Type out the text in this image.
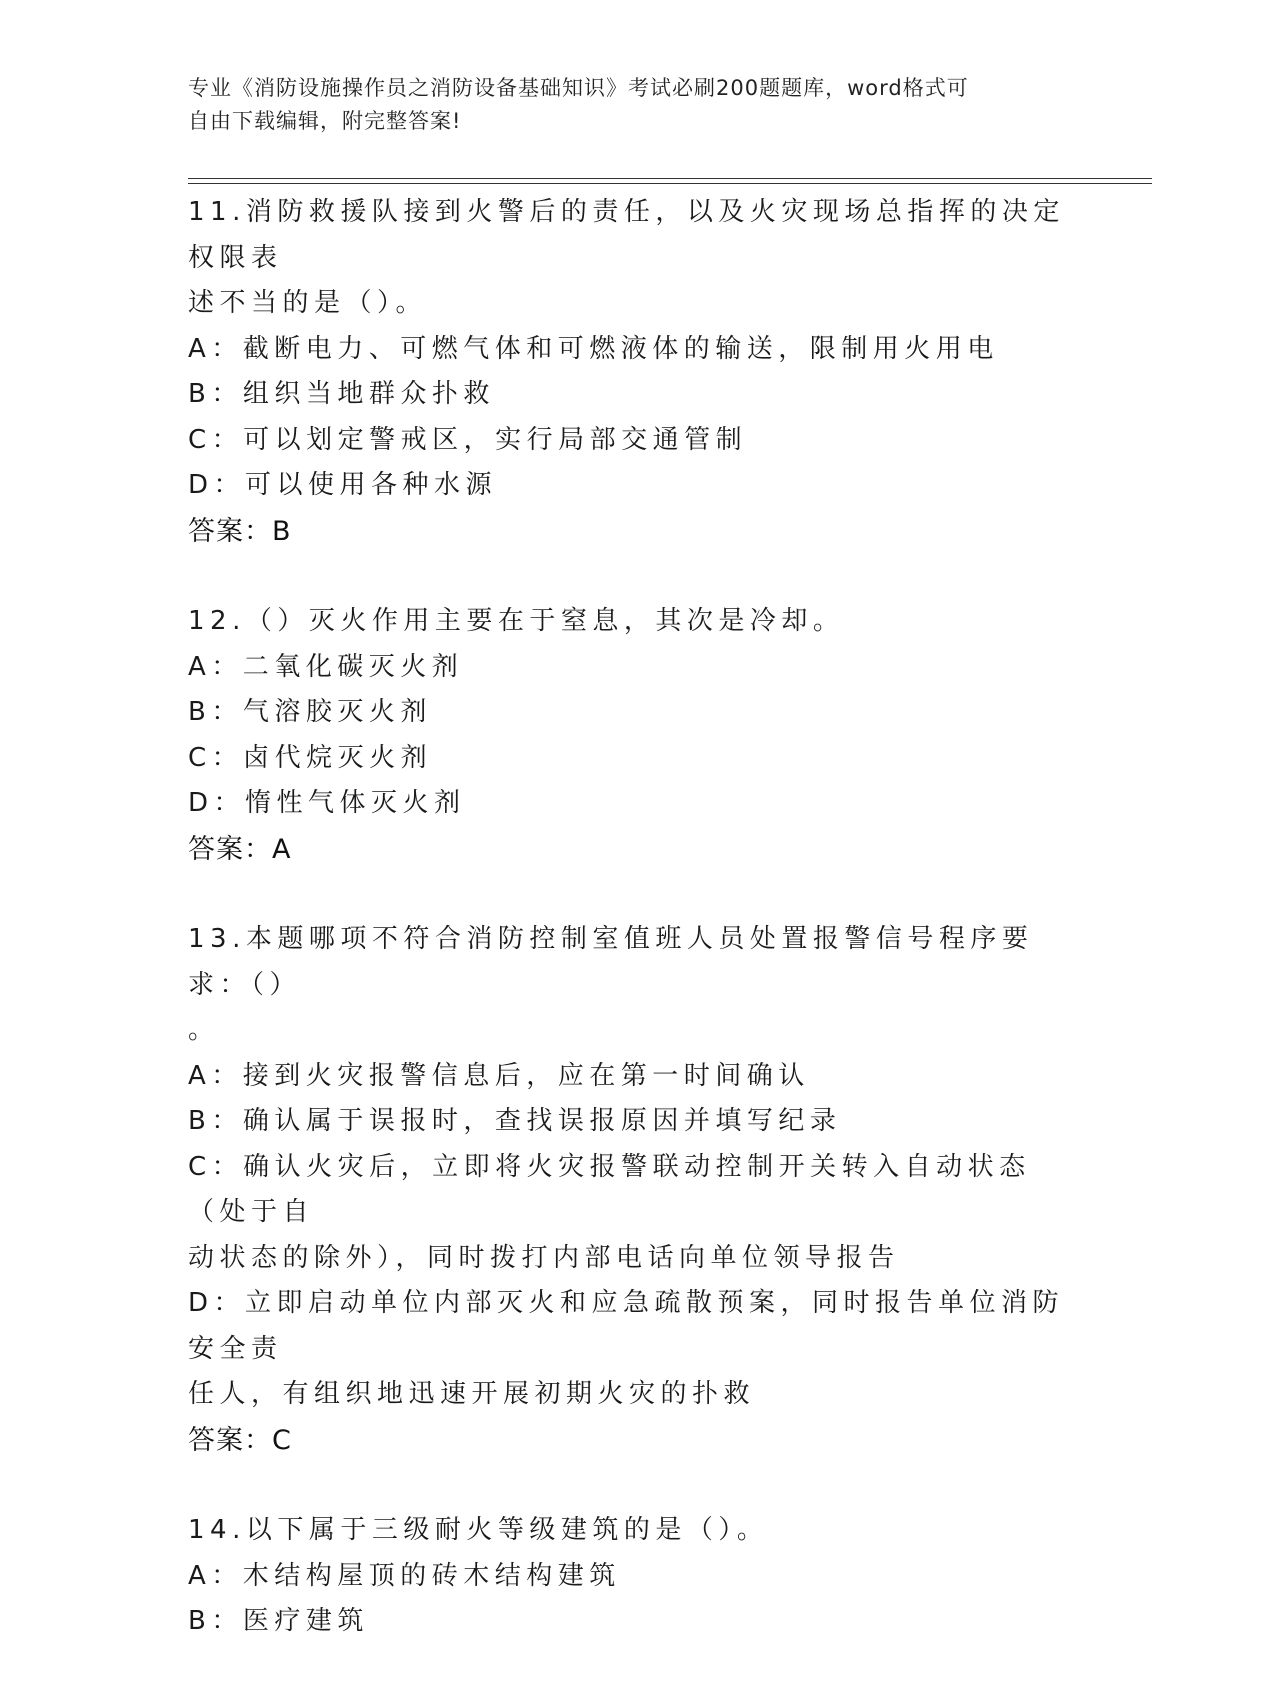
专业《消防设施操作员之消防设备基础知识》考试必刷200题题库，word格式可
自由下载编辑，附完整答案!
11.消防救援队接到火警后的责任，以及火灾现场总指挥的决定权限表
述不当的是（）。
A：截断电力、可燃气体和可燃液体的输送，限制用火用电
B：组织当地群众扑救
C：可以划定警戒区，实行局部交通管制
D：可以使用各种水源
答案：B
12.（）灭火作用主要在于窒息，其次是冷却。
A：二氧化碳灭火剂
B：气溶胶灭火剂
C：卤代烷灭火剂
D：惰性气体灭火剂
答案：A
13.本题哪项不符合消防控制室值班人员处置报警信号程序要求：（）
。
A：接到火灾报警信息后，应在第一时间确认
B：确认属于误报时，查找误报原因并填写纪录
C：确认火灾后，立即将火灾报警联动控制开关转入自动状态（处于自
动状态的除外），同时拨打内部电话向单位领导报告
D：立即启动单位内部灭火和应急疏散预案，同时报告单位消防安全责
任人，有组织地迅速开展初期火灾的扑救
答案：C
14.以下属于三级耐火等级建筑的是（）。
A：木结构屋顶的砖木结构建筑
B：医疗建筑
